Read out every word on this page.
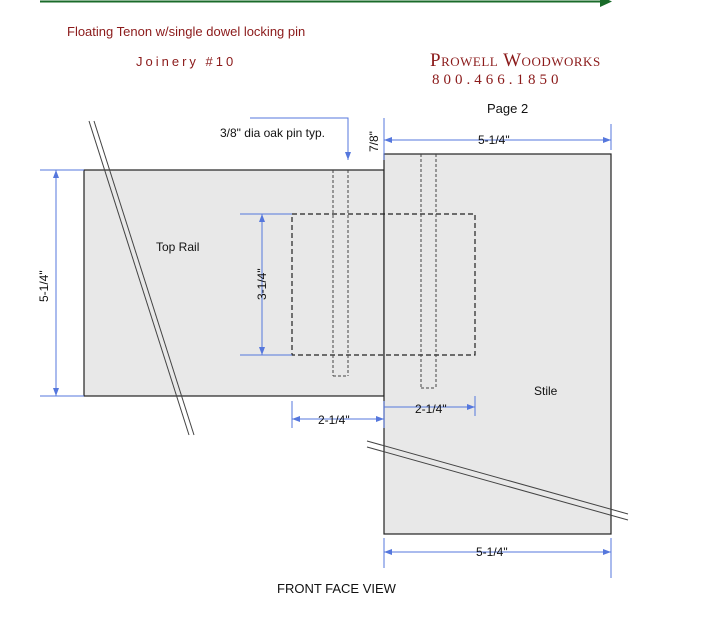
3/8" dia oak pin typ.	7/8"	5-1/4"
5-1/4"	3-1/4"
2-1/4"
2-1/4"
5-1/4"
Top Rail
Stile
Floating Tenon w/single dowel locking pin
Joinery #10	Prowell Woodworks
800.466.1850
Page 2
FRONT FACE VIEW
